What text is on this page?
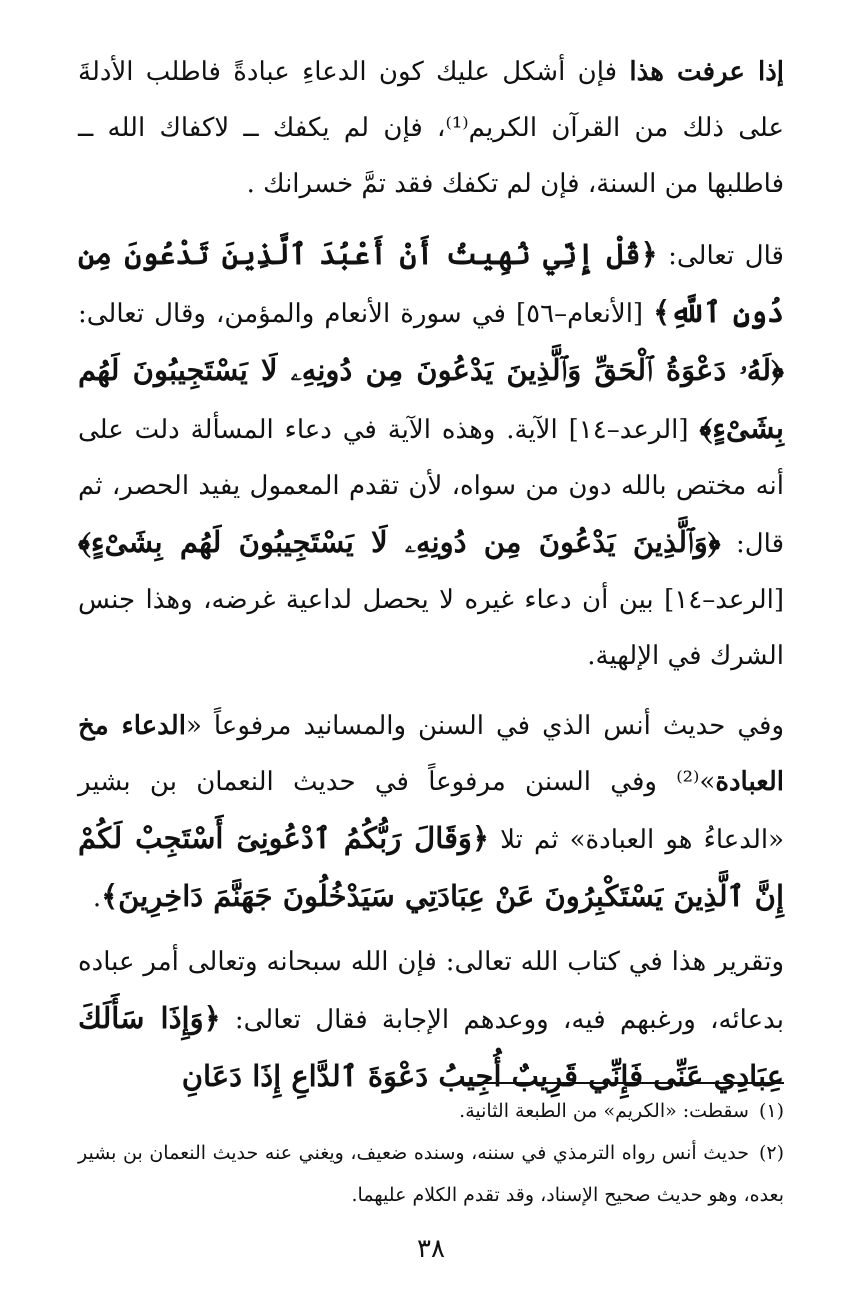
إذا عرفت هذا فإن أشكل عليك كون الدعاءِ عبادةً فاطلب الأدلةَ على ذلك من القرآن الكريم⁽¹⁾، فإن لم يكفك ــ لاكفاك الله ــ فاطلبها من السنة، فإن لم تكفك فقد تمَّ خسرانك .

قال تعالى: ﴿قُلْ إِنِّي نُهِيتُ أَنْ أَعْبُدَ ٱلَّذِينَ تَدْعُونَ مِن دُونِ ٱللَّهِ﴾ [الأنعام–٥٦] في سورة الأنعام والمؤمن، وقال تعالى: ﴿لَهُۥ دَعْوَةُ ٱلْحَقِّ وَٱلَّذِينَ يَدْعُونَ مِن دُونِهِۦ لَا يَسْتَجِيبُونَ لَهُم بِشَىْءٍ﴾ [الرعد–١٤] الآية. وهذه الآية في دعاء المسألة دلت على أنه مختص بالله دون من سواه، لأن تقدم المعمول يفيد الحصر، ثم قال: ﴿وَٱلَّذِينَ يَدْعُونَ مِن دُونِهِۦ لَا يَسْتَجِيبُونَ لَهُم بِشَىْءٍ﴾ [الرعد–١٤] بين أن دعاء غيره لا يحصل لداعية غرضه، وهذا جنس الشرك في الإلهية.

وفي حديث أنس الذي في السنن والمسانيد مرفوعاً «الدعاء مخ العبادة»⁽²⁾ وفي السنن مرفوعاً في حديث النعمان بن بشير «الدعاءُ هو العبادة» ثم تلا ﴿وَقَالَ رَبُّكُمُ ٱدْعُونِىٓ أَسْتَجِبْ لَكُمْ إِنَّ ٱلَّذِينَ يَسْتَكْبِرُونَ عَنْ عِبَادَتِي سَيَدْخُلُونَ جَهَنَّمَ دَاخِرِينَ﴾.

وتقرير هذا في كتاب الله تعالى: فإن الله سبحانه وتعالى أمر عباده بدعائه، ورغبهم فيه، ووعدهم الإجابة فقال تعالى: ﴿وَإِذَا سَأَلَكَ عِبَادِي عَنِّى فَإِنِّي قَرِيبٌ أُجِيبُ دَعْوَةَ ٱلدَّاعِ إِذَا دَعَانِ

(١)سقطت: «الكريم» من الطبعة الثانية.

(٢)حديث أنس رواه الترمذي في سننه، وسنده ضعيف، ويغني عنه حديث النعمان بن بشير بعده، وهو حديث صحيح الإسناد، وقد تقدم الكلام عليهما.

٣٨
